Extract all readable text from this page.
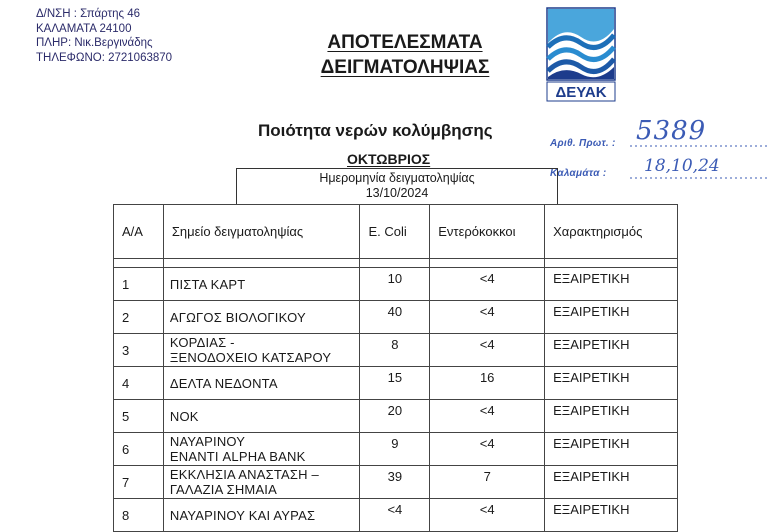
Δ/ΝΣΗ : Σπάρτης 46
ΚΑΛΑΜΑΤΑ 24100
ΠΛΗΡ: Νικ.Βεργινάδης
ΤΗΛΕΦΩΝΟ: 2721063870
ΑΠΟΤΕΛΕΣΜΑΤΑ
ΔΕΙΓΜΑΤΟΛΗΨΙΑΣ
ΔΕΥΑΚ
Ποιότητα νερών κολύμβησης
ΟΚΤΩΒΡΙΟΣ
Αριθ. Πρωτ. : 5389
Καλαμάτα : 18,10,24
Ημερομηνία δειγματοληψίας
13/10/2024
Α/Α	Σημείο δειγματοληψίας	E. Coli	Εντερόκοκκοι	Χαρακτηρισμός

1	ΠΙΣΤΑ ΚΑΡΤ	10	<4	ΕΞΑΙΡΕΤΙΚΗ
2	ΑΓΩΓΟΣ ΒΙΟΛΟΓΙΚΟΥ	40	<4	ΕΞΑΙΡΕΤΙΚΗ
3	ΚΟΡΔΙΑΣ -
ΞΕΝΟΔΟΧΕΙΟ ΚΑΤΣΑΡΟΥ	8	<4	ΕΞΑΙΡΕΤΙΚΗ
4	ΔΕΛΤΑ ΝΕΔΟΝΤΑ	15	16	ΕΞΑΙΡΕΤΙΚΗ
5	ΝΟΚ	20	<4	ΕΞΑΙΡΕΤΙΚΗ
6	ΝΑΥΑΡΙΝΟΥ
ΕΝΑΝΤΙ ALPHA BANK	9	<4	ΕΞΑΙΡΕΤΙΚΗ
7	ΕΚΚΛΗΣΙΑ ΑΝΑΣΤΑΣΗ –
ΓΑΛΑΖΙΑ ΣΗΜΑΙΑ	39	7	ΕΞΑΙΡΕΤΙΚΗ
8	ΝΑΥΑΡΙΝΟΥ ΚΑΙ ΑΥΡΑΣ	<4	<4	ΕΞΑΙΡΕΤΙΚΗ
